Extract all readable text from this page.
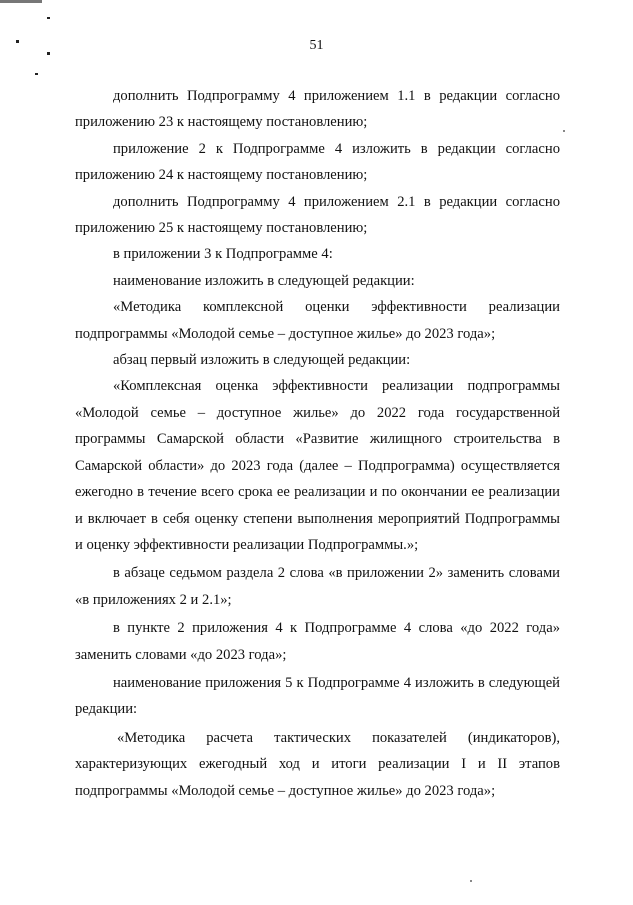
51

дополнить Подпрограмму 4 приложением 1.1 в редакции согласно приложению 23 к настоящему постановлению;

приложение 2 к Подпрограмме 4 изложить в редакции согласно приложению 24 к настоящему постановлению;

дополнить Подпрограмму 4 приложением 2.1 в редакции согласно приложению 25 к настоящему постановлению;

в приложении 3 к Подпрограмме 4:

наименование изложить в следующей редакции:

«Методика комплексной оценки эффективности реализации подпрограммы «Молодой семье – доступное жилье» до 2023 года»;

абзац первый изложить в следующей редакции:

«Комплексная оценка эффективности реализации подпрограммы «Молодой семье – доступное жилье» до 2022 года государственной программы Самарской области «Развитие жилищного строительства в Самарской области» до 2023 года (далее – Подпрограмма) осуществляется ежегодно в течение всего срока ее реализации и по окончании ее реализации и включает в себя оценку степени выполнения мероприятий Подпрограммы и оценку эффективности реализации Подпрограммы.»;

в абзаце седьмом раздела 2 слова «в приложении 2» заменить словами «в приложениях 2 и 2.1»;

в пункте 2 приложения 4 к Подпрограмме 4 слова «до 2022 года» заменить словами «до 2023 года»;

наименование приложения 5 к Подпрограмме 4 изложить в следующей редакции:

«Методика расчета тактических показателей (индикаторов), характеризующих ежегодный ход и итоги реализации I и II этапов подпрограммы «Молодой семье – доступное жилье» до 2023 года»;
